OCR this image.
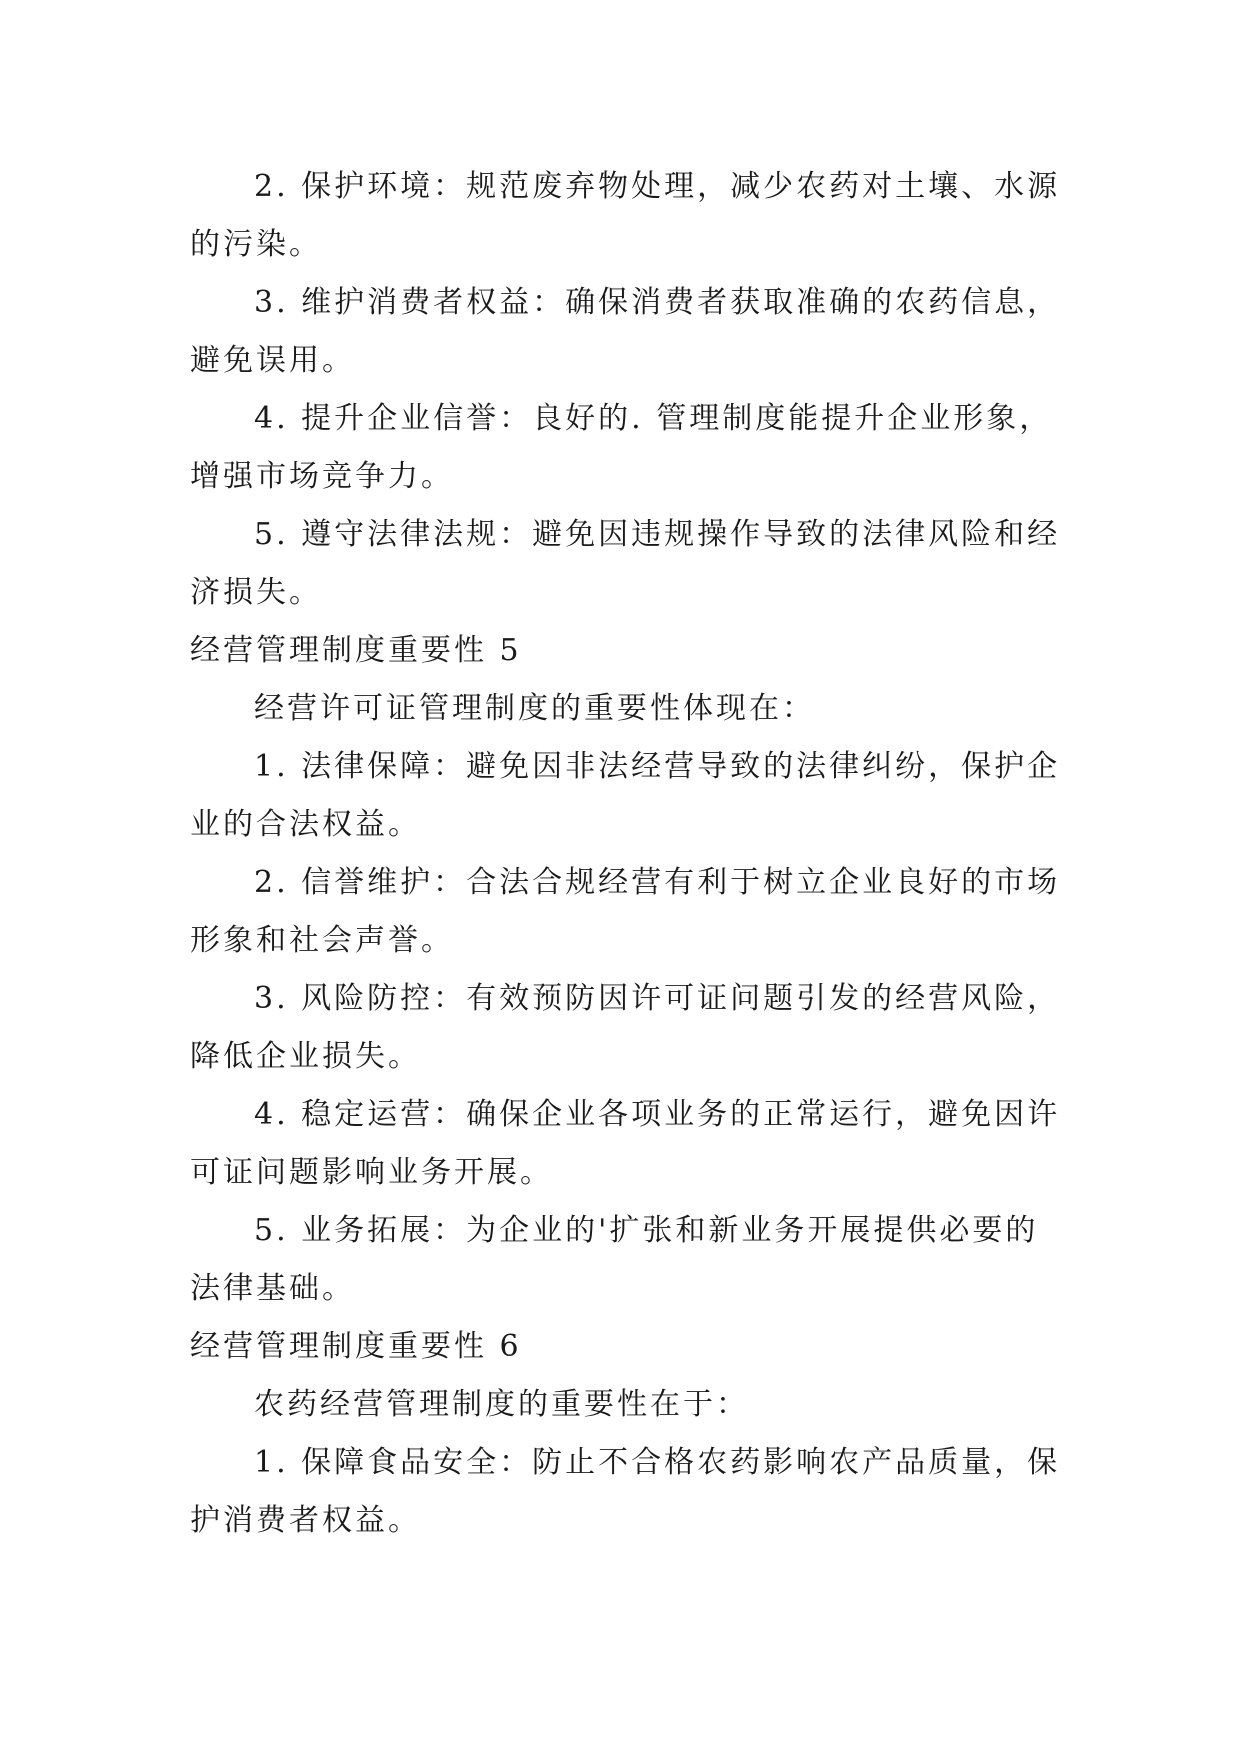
2. 保护环境：规范废弃物处理，减少农药对土壤、水源
的污染。
3. 维护消费者权益：确保消费者获取准确的农药信息，
避免误用。
4. 提升企业信誉：良好的. 管理制度能提升企业形象，
增强市场竞争力。
5. 遵守法律法规：避免因违规操作导致的法律风险和经
济损失。
经营管理制度重要性 5
经营许可证管理制度的重要性体现在：
1. 法律保障：避免因非法经营导致的法律纠纷，保护企
业的合法权益。
2. 信誉维护：合法合规经营有利于树立企业良好的市场
形象和社会声誉。
3. 风险防控：有效预防因许可证问题引发的经营风险，
降低企业损失。
4. 稳定运营：确保企业各项业务的正常运行，避免因许
可证问题影响业务开展。
5. 业务拓展：为企业的'扩张和新业务开展提供必要的
法律基础。
经营管理制度重要性 6
农药经营管理制度的重要性在于：
1. 保障食品安全：防止不合格农药影响农产品质量，保
护消费者权益。
